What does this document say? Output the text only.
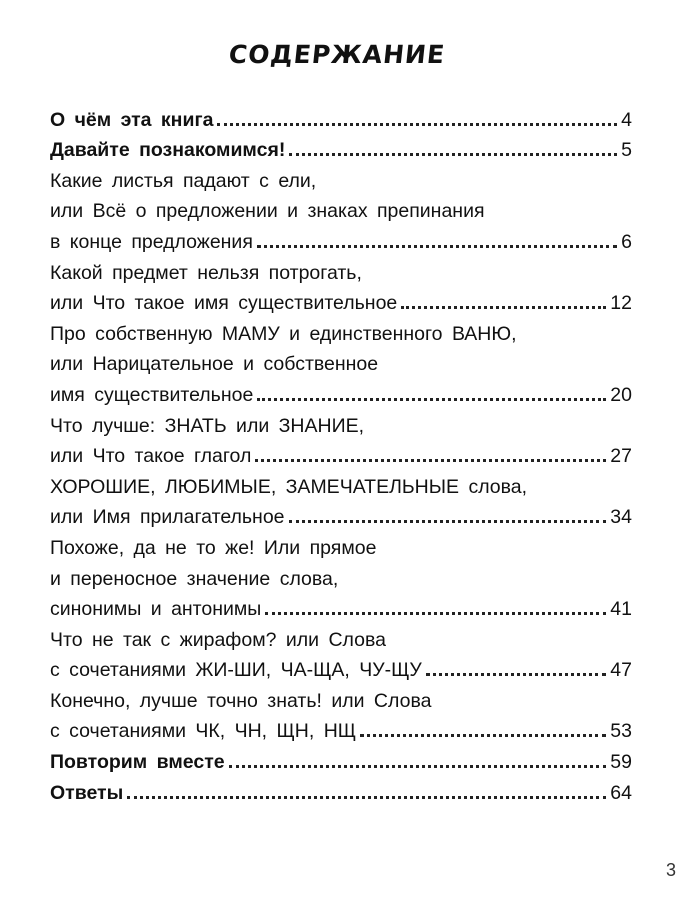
СОДЕРЖАНИЕ
О чём эта книга	4
Давайте познакомимся!	5
Какие листья падают с ели,
или Всё о предложении и знаках препинания
в конце предложения	6
Какой предмет нельзя потрогать,
или Что такое имя существительное	12
Про собственную МАМУ и единственного ВАНЮ,
или Нарицательное и собственное
имя существительное	20
Что лучше: ЗНАТЬ или ЗНАНИЕ,
или Что такое глагол	27
ХОРОШИЕ, ЛЮБИМЫЕ, ЗАМЕЧАТЕЛЬНЫЕ слова,
или Имя прилагательное	34
Похоже, да не то же! Или прямое
и переносное значение слова,
синонимы и антонимы	41
Что не так с жирафом? или Слова
с сочетаниями ЖИ-ШИ, ЧА-ЩА, ЧУ-ЩУ	47
Конечно, лучше точно знать! или Слова
с сочетаниями ЧК, ЧН, ЩН, НЩ	53
Повторим вместе	59
Ответы	64
3
